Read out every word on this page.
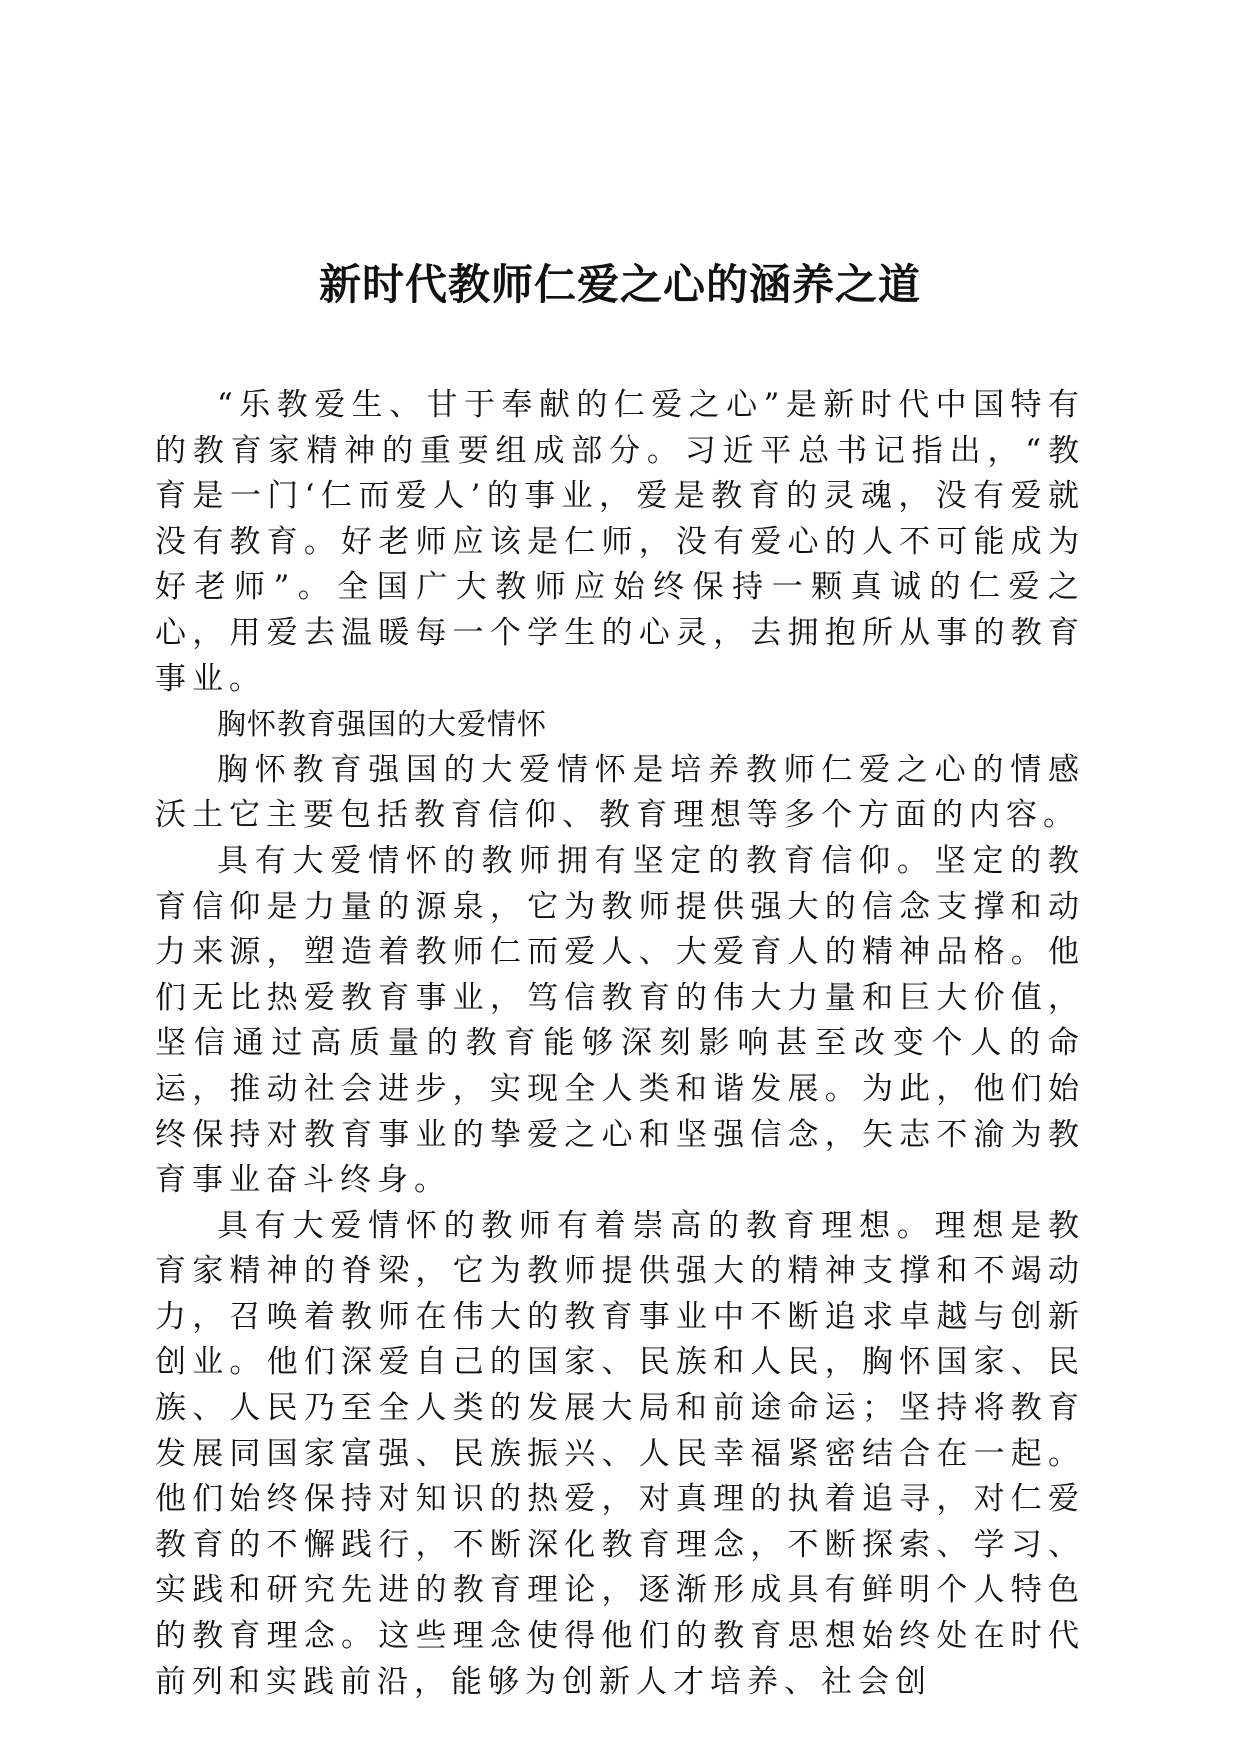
新时代教师仁爱之心的涵养之道

“乐教爱生、甘于奉献的仁爱之心”是新时代中国特有的教育家精神的重要组成部分。习近平总书记指出，“教育是一门‘仁而爱人’的事业，爱是教育的灵魂，没有爱就没有教育。好老师应该是仁师，没有爱心的人不可能成为好老师”。全国广大教师应始终保持一颗真诚的仁爱之心，用爱去温暖每一个学生的心灵，去拥抱所从事的教育事业。

胸怀教育强国的大爱情怀

胸怀教育强国的大爱情怀是培养教师仁爱之心的情感沃土它主要包括教育信仰、教育理想等多个方面的内容。

具有大爱情怀的教师拥有坚定的教育信仰。坚定的教育信仰是力量的源泉，它为教师提供强大的信念支撑和动力来源，塑造着教师仁而爱人、大爱育人的精神品格。他们无比热爱教育事业，笃信教育的伟大力量和巨大价值，坚信通过高质量的教育能够深刻影响甚至改变个人的命运，推动社会进步，实现全人类和谐发展。为此，他们始终保持对教育事业的挚爱之心和坚强信念，矢志不渝为教育事业奋斗终身。

具有大爱情怀的教师有着崇高的教育理想。理想是教育家精神的脊梁，它为教师提供强大的精神支撑和不竭动力，召唤着教师在伟大的教育事业中不断追求卓越与创新创业。他们深爱自己的国家、民族和人民，胸怀国家、民族、人民乃至全人类的发展大局和前途命运；坚持将教育发展同国家富强、民族振兴、人民幸福紧密结合在一起。他们始终保持对知识的热爱，对真理的执着追寻，对仁爱教育的不懈践行，不断深化教育理念，不断探索、学习、实践和研究先进的教育理论，逐渐形成具有鲜明个人特色的教育理念。这些理念使得他们的教育思想始终处在时代前列和实践前沿，能够为创新人才培养、社会创
